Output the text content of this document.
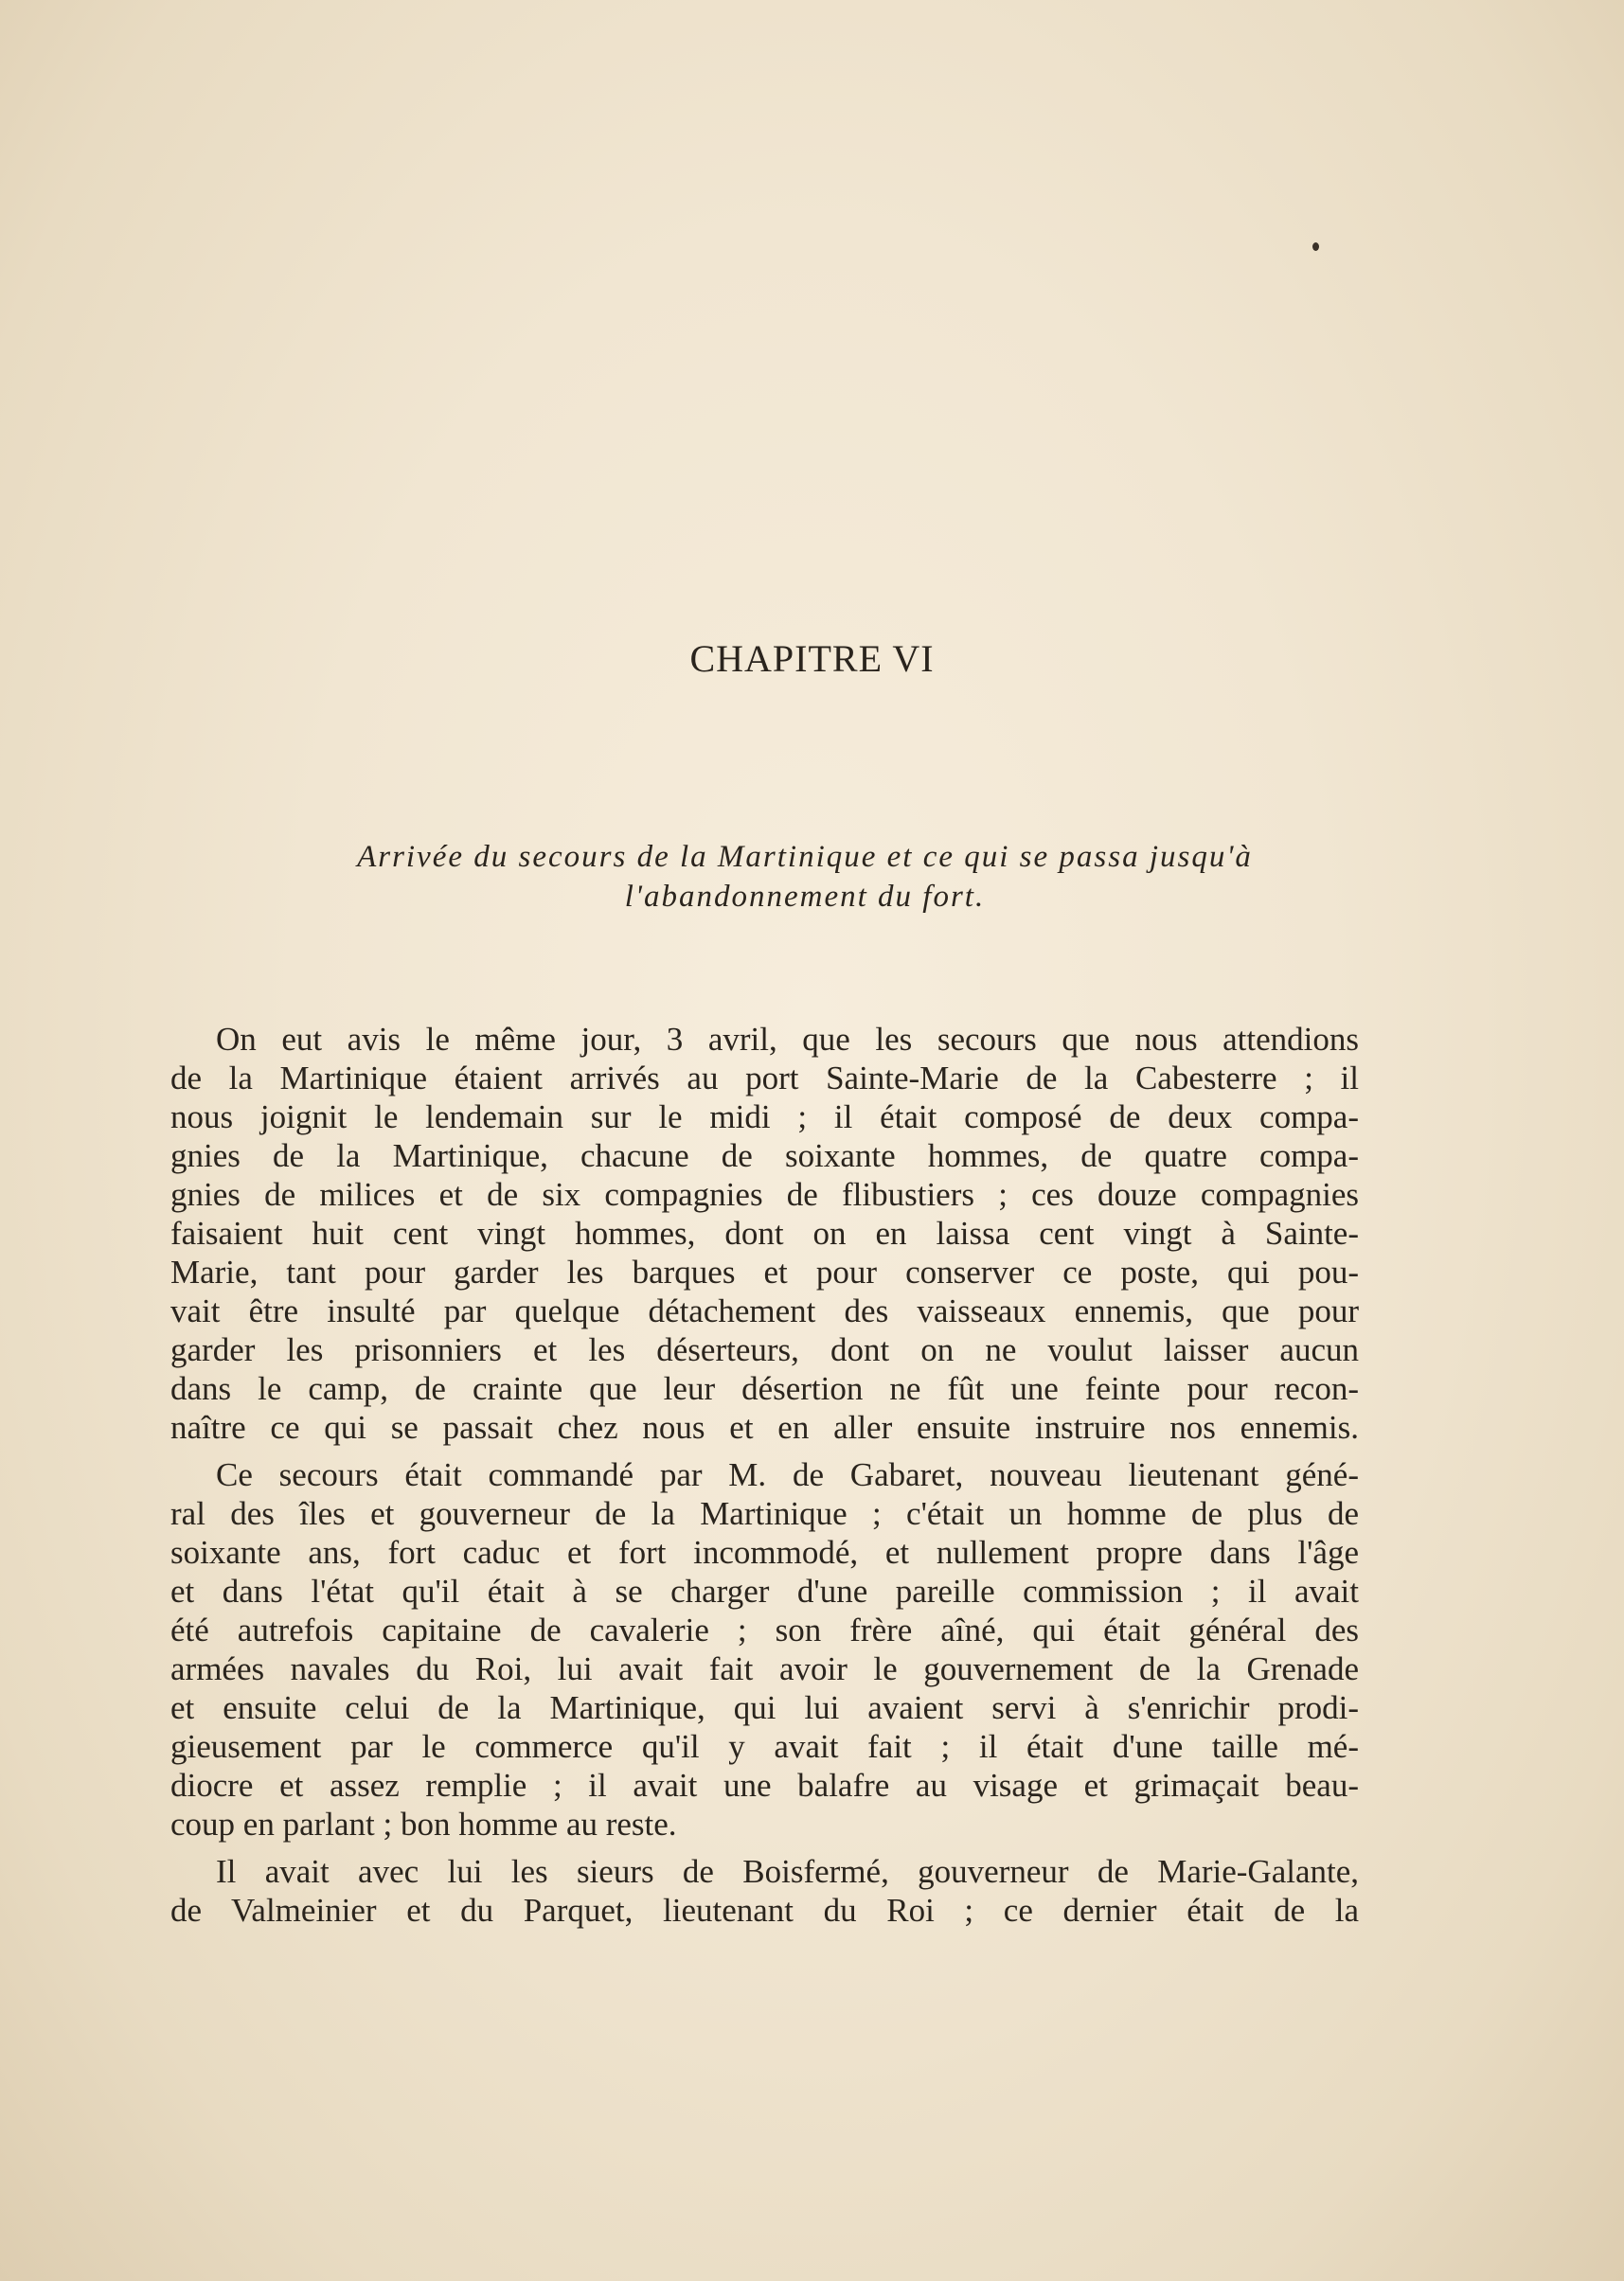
CHAPITRE VI

Arrivée du secours de la Martinique et ce qui se passa jusqu'à
l'abandonnement du fort.

On eut avis le même jour, 3 avril, que les secours que nous attendions
de la Martinique étaient arrivés au port Sainte-Marie de la Cabesterre ; il
nous joignit le lendemain sur le midi ; il était composé de deux compa-
gnies de la Martinique, chacune de soixante hommes, de quatre compa-
gnies de milices et de six compagnies de flibustiers ; ces douze compagnies
faisaient huit cent vingt hommes, dont on en laissa cent vingt à Sainte-
Marie, tant pour garder les barques et pour conserver ce poste, qui pou-
vait être insulté par quelque détachement des vaisseaux ennemis, que pour
garder les prisonniers et les déserteurs, dont on ne voulut laisser aucun
dans le camp, de crainte que leur désertion ne fût une feinte pour recon-
naître ce qui se passait chez nous et en aller ensuite instruire nos ennemis.
Ce secours était commandé par M. de Gabaret, nouveau lieutenant géné-
ral des îles et gouverneur de la Martinique ; c'était un homme de plus de
soixante ans, fort caduc et fort incommodé, et nullement propre dans l'âge
et dans l'état qu'il était à se charger d'une pareille commission ; il avait
été autrefois capitaine de cavalerie ; son frère aîné, qui était général des
armées navales du Roi, lui avait fait avoir le gouvernement de la Grenade
et ensuite celui de la Martinique, qui lui avaient servi à s'enrichir prodi-
gieusement par le commerce qu'il y avait fait ; il était d'une taille mé-
diocre et assez remplie ; il avait une balafre au visage et grimaçait beau-
coup en parlant ; bon homme au reste.
Il avait avec lui les sieurs de Boisfermé, gouverneur de Marie-Galante,
de Valmeinier et du Parquet, lieutenant du Roi ; ce dernier était de la
